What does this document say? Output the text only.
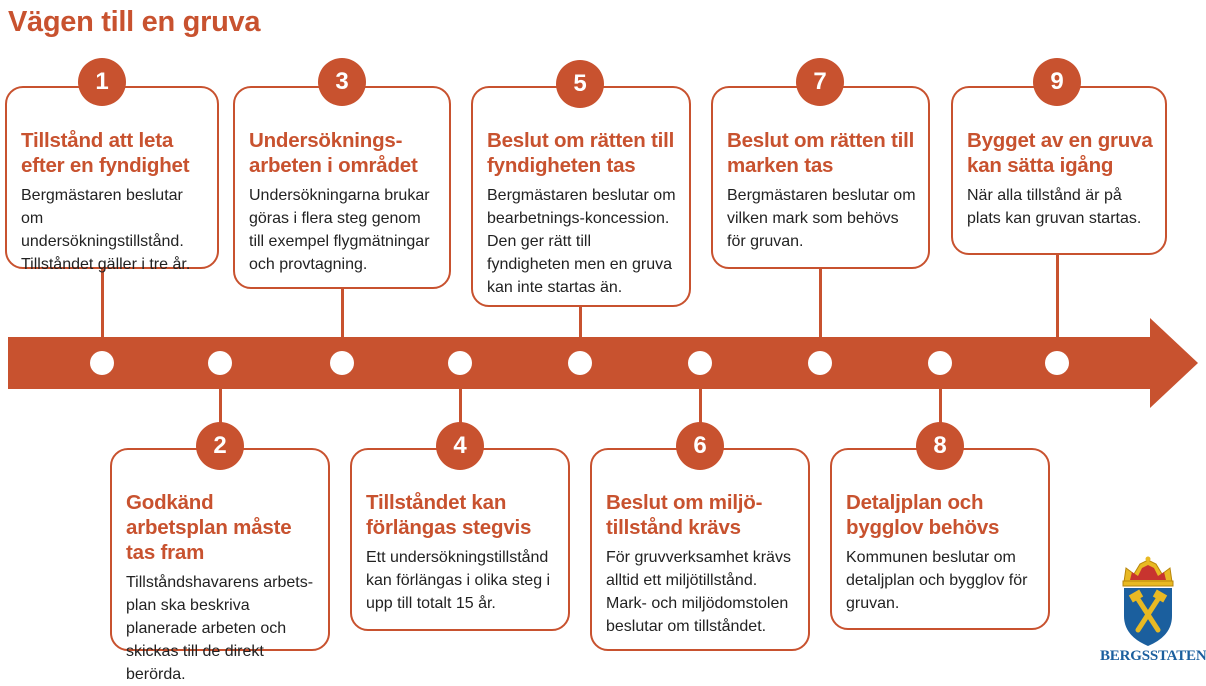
Vägen till en gruva
Tillstånd att leta efter en fyndighet
Bergmästaren beslutar om undersökningstillstånd. Tillståndet gäller i tre år.
Undersöknings-arbeten i området
Undersökningarna brukar göras i flera steg genom till exempel flygmätningar och provtagning.
Beslut om rätten till fyndigheten tas
Bergmästaren beslutar om bearbetnings-koncession. Den ger rätt till fyndigheten men en gruva kan inte startas än.
Beslut om rätten till marken tas
Bergmästaren beslutar om vilken mark som behövs för gruvan.
Bygget av en gruva kan sätta igång
När alla tillstånd är på plats kan gruvan startas.
Godkänd arbetsplan måste tas fram
Tillståndshavarens arbets-plan ska beskriva planerade arbeten och skickas till de direkt berörda.
Tillståndet kan förlängas stegvis
Ett undersökningstillstånd kan förlängas i olika steg i upp till totalt 15 år.
Beslut om miljö-tillstånd krävs
För gruvverksamhet krävs alltid ett miljötillstånd. Mark- och miljödomstolen beslutar om tillståndet.
Detaljplan och bygglov behövs
Kommunen beslutar om detaljplan och bygglov för gruvan.
1	3	5	7	9
2	4	6	8
BERGSSTATEN
